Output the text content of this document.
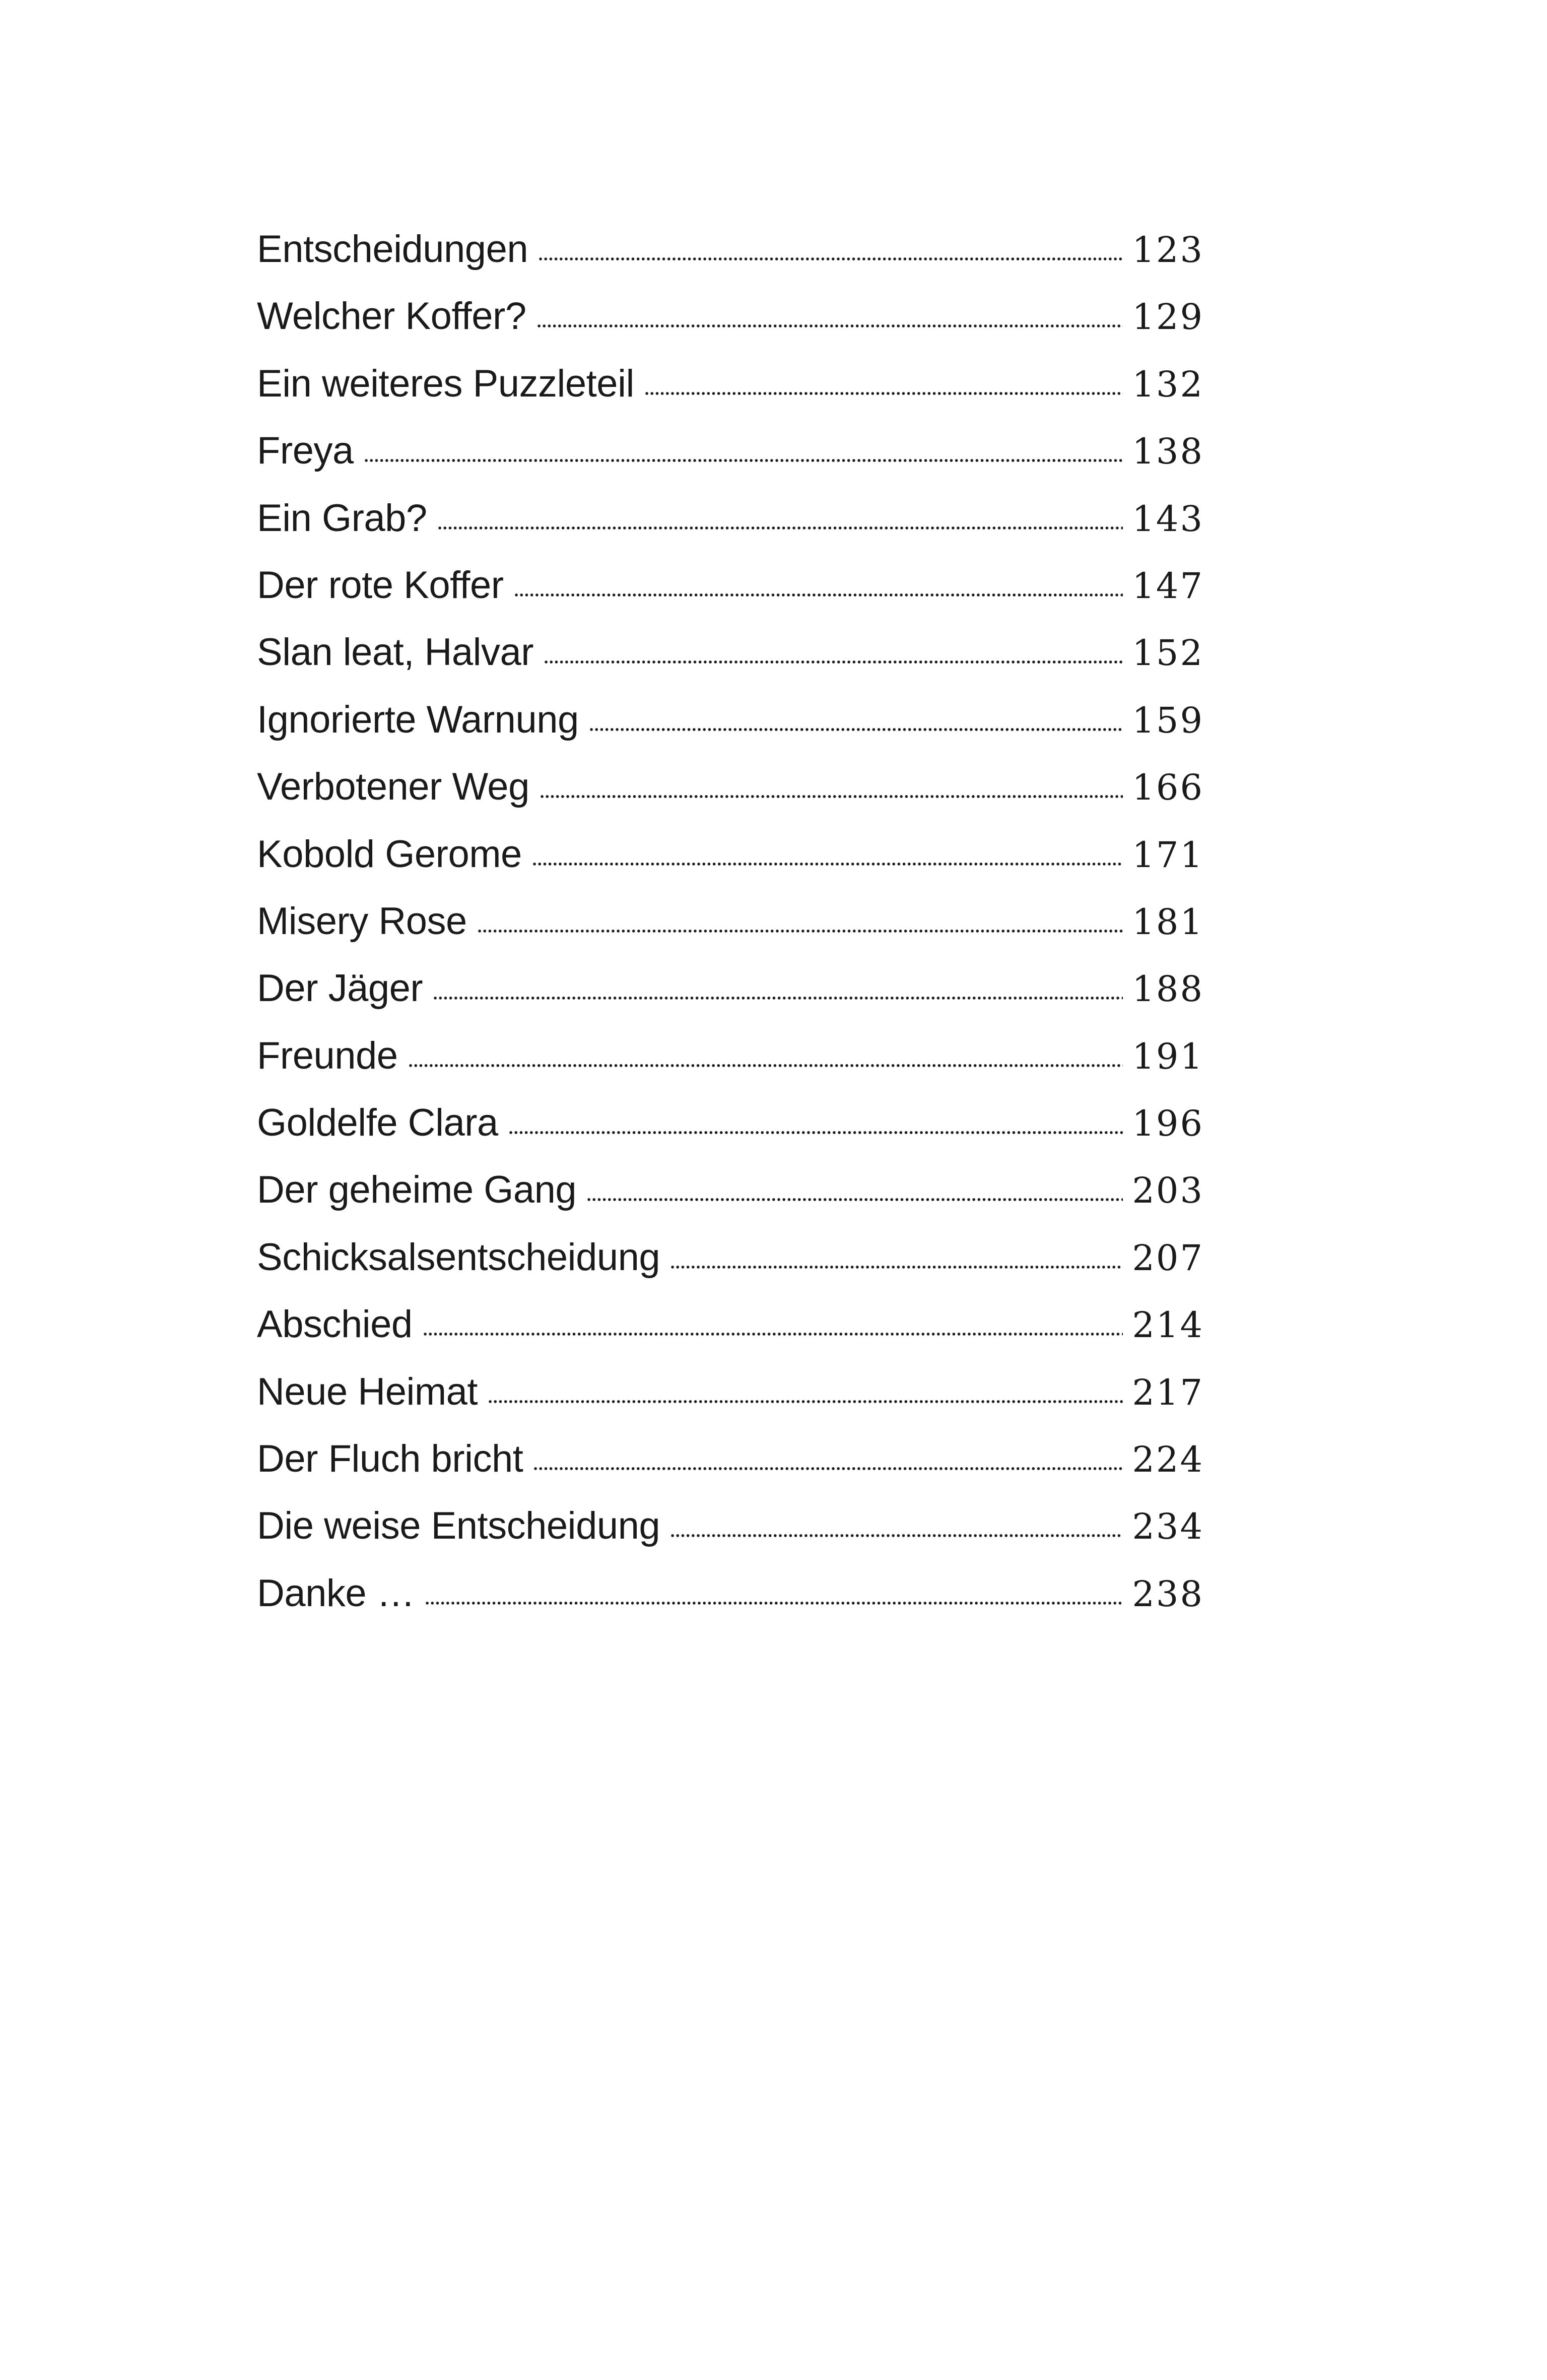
Entscheidungen	123
Welcher Koffer?	129
Ein weiteres Puzzleteil	132
Freya	138
Ein Grab?	143
Der rote Koffer	147
Slan leat, Halvar	152
Ignorierte Warnung	159
Verbotener Weg	166
Kobold Gerome	171
Misery Rose	181
Der Jäger	188
Freunde	191
Goldelfe Clara	196
Der geheime Gang	203
Schicksalsentscheidung	207
Abschied	214
Neue Heimat	217
Der Fluch bricht	224
Die weise Entscheidung	234
Danke …	238
